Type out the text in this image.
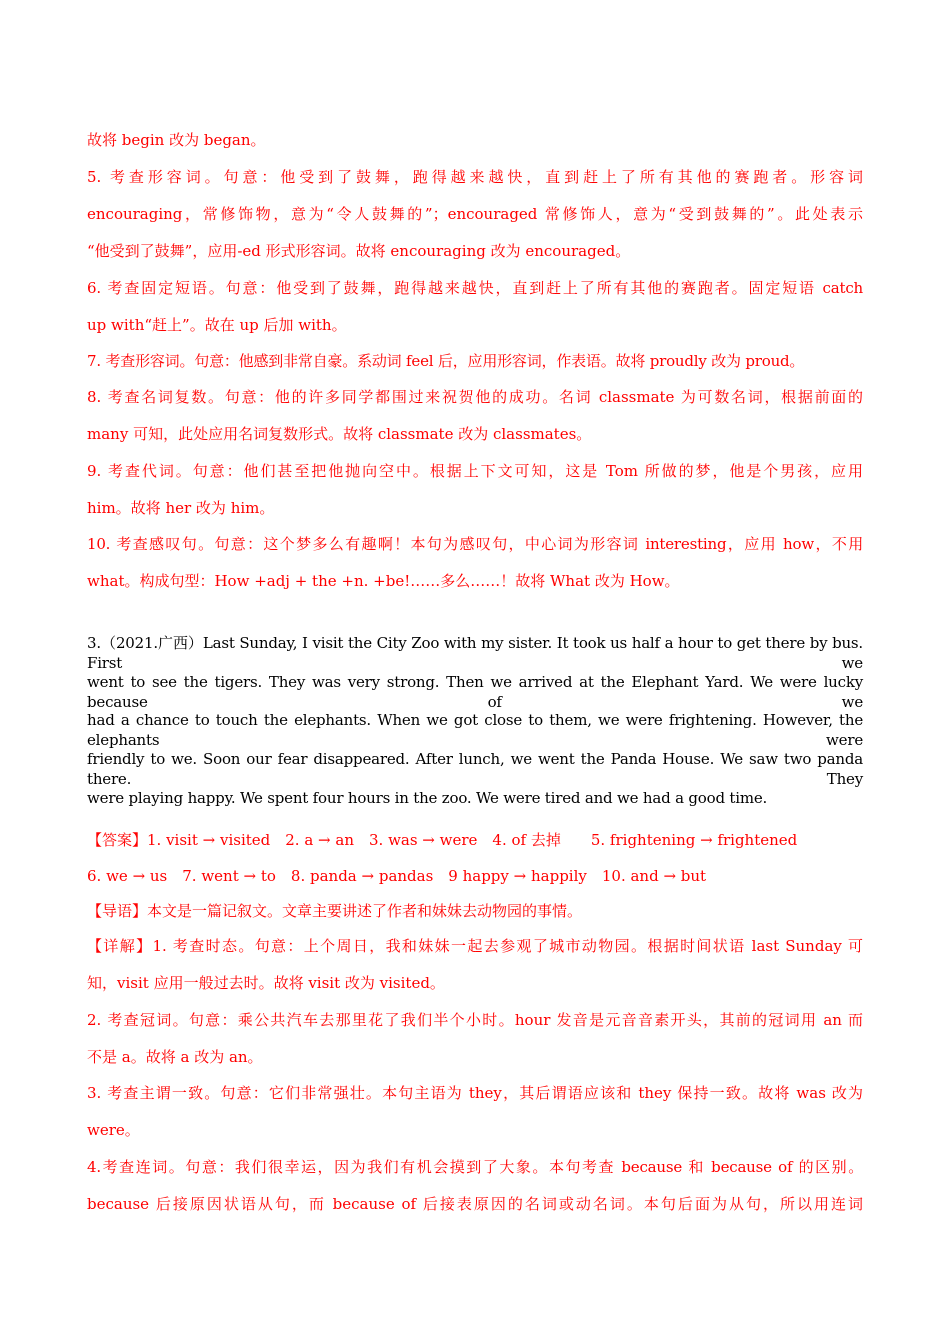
故将 begin 改为 began。
5. 考查形容词。句意：他受到了鼓舞，跑得越来越快，直到赶上了所有其他的赛跑者。形容词
encouraging，常修饰物，意为“令人鼓舞的”；encouraged 常修饰人，意为“受到鼓舞的”。此处表示
“他受到了鼓舞”，应用-ed 形式形容词。故将 encouraging 改为 encouraged。
6. 考查固定短语。句意：他受到了鼓舞，跑得越来越快，直到赶上了所有其他的赛跑者。固定短语 catch
up with“赶上”。故在 up 后加 with。
7. 考查形容词。句意：他感到非常自豪。系动词 feel 后，应用形容词，作表语。故将 proudly 改为 proud。
8. 考查名词复数。句意：他的许多同学都围过来祝贺他的成功。名词 classmate 为可数名词，根据前面的
many 可知，此处应用名词复数形式。故将 classmate 改为 classmates。
9. 考查代词。句意：他们甚至把他抛向空中。根据上下文可知，这是 Tom 所做的梦，他是个男孩，应用
him。故将 her 改为 him。
10. 考查感叹句。句意：这个梦多么有趣啊！本句为感叹句，中心词为形容词 interesting，应用 how，不用
what。构成句型：How +adj + the +n. +be!……多么……！故将 What 改为 How。
3.（2021.广西）Last Sunday, I visit the City Zoo with my sister. It took us half a hour to get there by bus. First we
went to see the tigers. They was very strong. Then we arrived at the Elephant Yard. We were lucky because of we
had a chance to touch the elephants. When we got close to them, we were frightening. However, the elephants were
friendly to we. Soon our fear disappeared. After lunch, we went the Panda House. We saw two panda there. They
were playing happy. We spent four hours in the zoo. We were tired and we had a good time.
【答案】1. visit → visited　2. a → an　3. was → were　4. of 去掉　　5. frightening → frightened
6. we → us　7. went → to　8. panda → pandas　9 happy → happily　10. and → but
【导语】本文是一篇记叙文。文章主要讲述了作者和妹妹去动物园的事情。
【详解】1. 考查时态。句意：上个周日，我和妹妹一起去参观了城市动物园。根据时间状语 last Sunday 可
知，visit 应用一般过去时。故将 visit 改为 visited。
2. 考查冠词。句意：乘公共汽车去那里花了我们半个小时。hour 发音是元音音素开头，其前的冠词用 an 而
不是 a。故将 a 改为 an。
3. 考查主谓一致。句意：它们非常强壮。本句主语为 they，其后谓语应该和 they 保持一致。故将 was 改为
were。
4.考查连词。句意：我们很幸运，因为我们有机会摸到了大象。本句考查 because 和 because of 的区别。
because 后接原因状语从句，而 because of 后接表原因的名词或动名词。本句后面为从句，所以用连词
